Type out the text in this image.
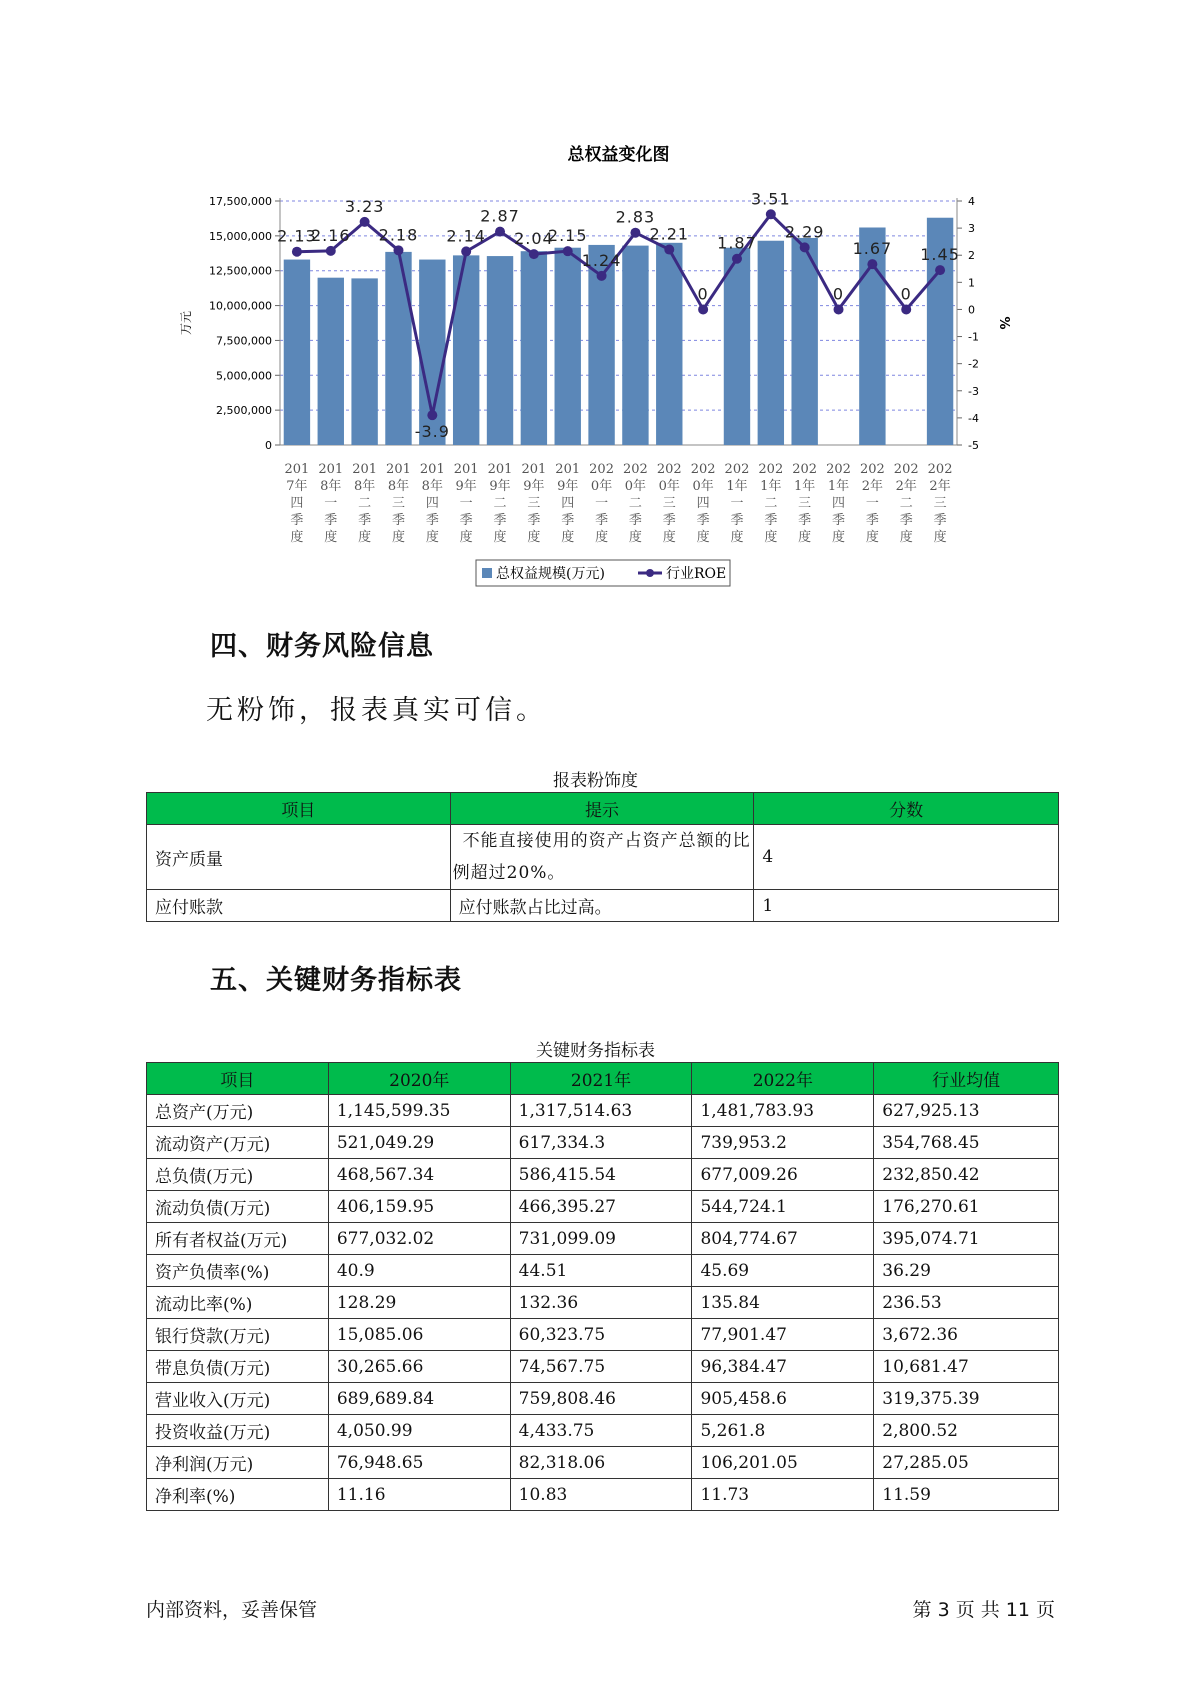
总权益变化图
0
2,500,000
5,000,000
7,500,000
10,000,000
12,500,000
15,000,000
17,500,000
-5
-4
-3
-2
-1
0
1
2
3
4
万元	%
2.13
2.16
3.23
2.18
-3.9
2.14
2.87
2.04
2.15
1.24
2.83
2.21
0
1.87
3.51
2.29
0
1.67
0
1.45
201
7年
四
季
度
201
8年
一
季
度
201
8年
二
季
度
201
8年
三
季
度
201
8年
四
季
度
201
9年
一
季
度
201
9年
二
季
度
201
9年
三
季
度
201
9年
四
季
度
202
0年
一
季
度
202
0年
二
季
度
202
0年
三
季
度
202
0年
四
季
度
202
1年
一
季
度
202
1年
二
季
度
202
1年
三
季
度
202
1年
四
季
度
202
2年
一
季
度
202
2年
二
季
度
202
2年
三
季
度
总权益规模(万元)	行业ROE
四、财务风险信息
无粉饰，报表真实可信。
报表粉饰度
项目	提示	分数
资产质量	不能直接使用的资产占资产总额的比例超过20%。	4
应付账款	应付账款占比过高。	1
五、关键财务指标表
关键财务指标表
项目	2020年	2021年	2022年	行业均值
总资产(万元)	1,145,599.35	1,317,514.63	1,481,783.93	627,925.13
流动资产(万元)	521,049.29	617,334.3	739,953.2	354,768.45
总负债(万元)	468,567.34	586,415.54	677,009.26	232,850.42
流动负债(万元)	406,159.95	466,395.27	544,724.1	176,270.61
所有者权益(万元)	677,032.02	731,099.09	804,774.67	395,074.71
资产负债率(%)	40.9	44.51	45.69	36.29
流动比率(%)	128.29	132.36	135.84	236.53
银行贷款(万元)	15,085.06	60,323.75	77,901.47	3,672.36
带息负债(万元)	30,265.66	74,567.75	96,384.47	10,681.47
营业收入(万元)	689,689.84	759,808.46	905,458.6	319,375.39
投资收益(万元)	4,050.99	4,433.75	5,261.8	2,800.52
净利润(万元)	76,948.65	82,318.06	106,201.05	27,285.05
净利率(%)	11.16	10.83	11.73	11.59
内部资料，妥善保管	第 3 页 共 11 页
